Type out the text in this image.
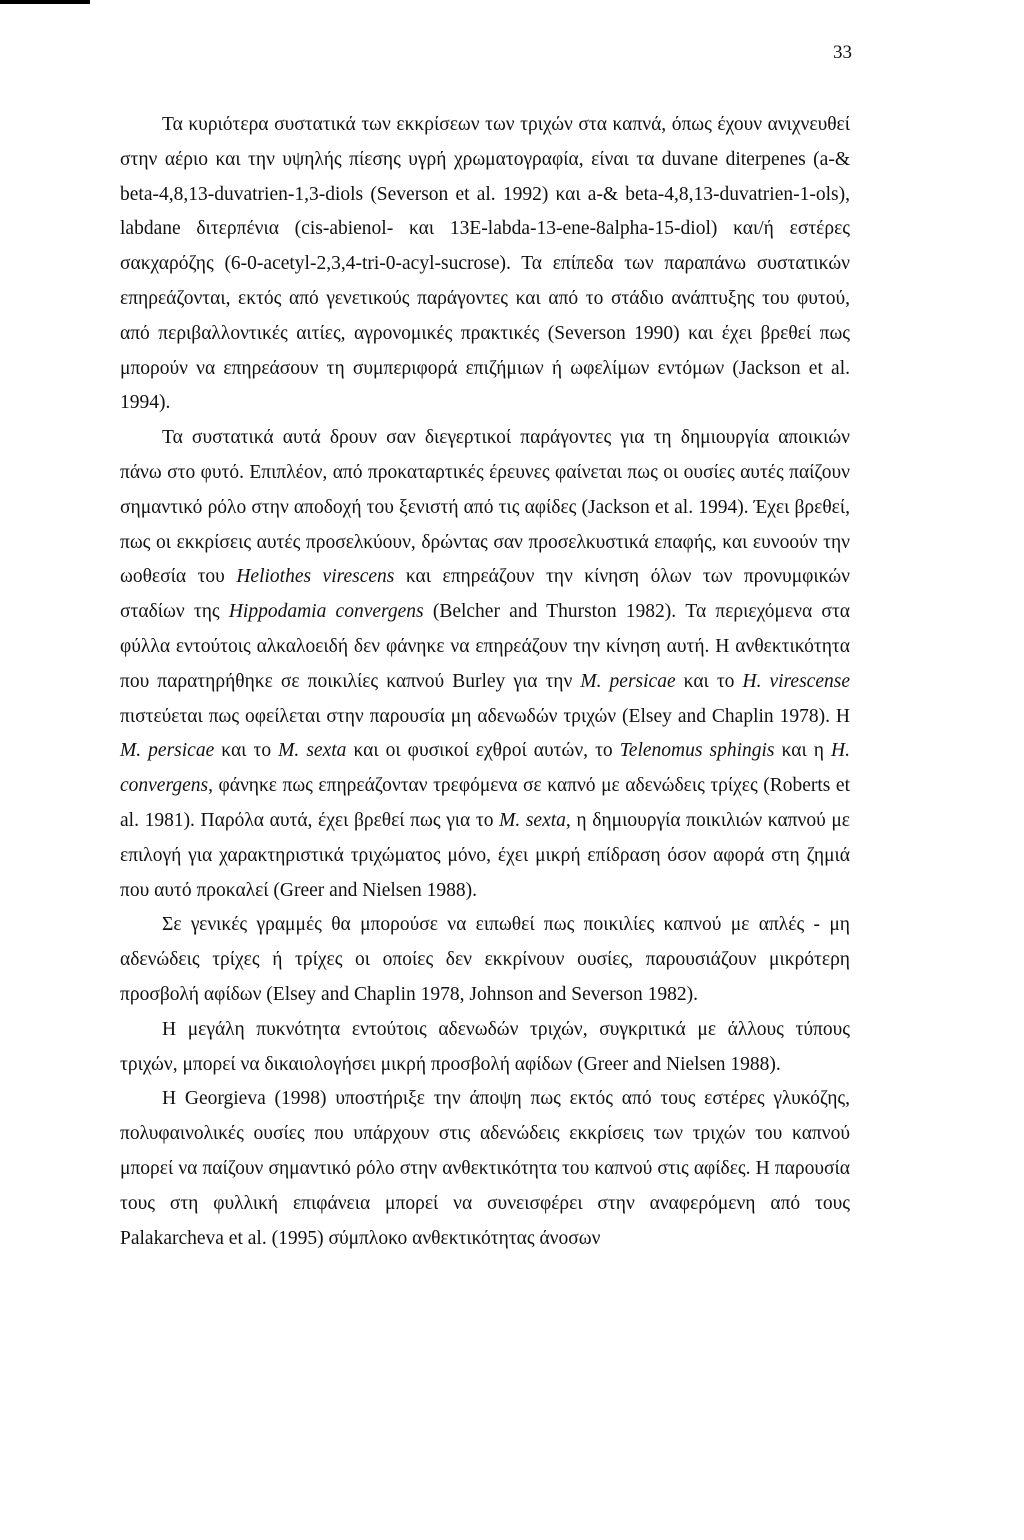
33

Τα κυριότερα συστατικά των εκκρίσεων των τριχών στα καπνά, όπως έχουν ανιχνευθεί στην αέριο και την υψηλής πίεσης υγρή χρωματογραφία, είναι τα duvane diterpenes (a-& beta-4,8,13-duvatrien-1,3-diols (Severson et al. 1992) και a-& beta-4,8,13-duvatrien-1-ols), labdane διτερπένια (cis-abienol- και 13E-labda-13-ene-8alpha-15-diol) και/ή εστέρες σακχαρόζης (6-0-acetyl-2,3,4-tri-0-acyl-sucrose). Τα επίπεδα των παραπάνω συστατικών επηρεάζονται, εκτός από γενετικούς παράγοντες και από το στάδιο ανάπτυξης του φυτού, από περιβαλλοντικές αιτίες, αγρονομικές πρακτικές (Severson 1990) και έχει βρεθεί πως μπορούν να επηρεάσουν τη συμπεριφορά επιζήμιων ή ωφελίμων εντόμων (Jackson et al. 1994).

Τα συστατικά αυτά δρουν σαν διεγερτικοί παράγοντες για τη δημιουργία αποικιών πάνω στο φυτό. Επιπλέον, από προκαταρτικές έρευνες φαίνεται πως οι ουσίες αυτές παίζουν σημαντικό ρόλο στην αποδοχή του ξενιστή από τις αφίδες (Jackson et al. 1994). Έχει βρεθεί, πως οι εκκρίσεις αυτές προσελκύουν, δρώντας σαν προσελκυστικά επαφής, και ευνοούν την ωοθεσία του Heliothes virescens και επηρεάζουν την κίνηση όλων των προνυμφικών σταδίων της Hippodamia convergens (Belcher and Thurston 1982). Τα περιεχόμενα στα φύλλα εντούτοις αλκαλοειδή δεν φάνηκε να επηρεάζουν την κίνηση αυτή. Η ανθεκτικότητα που παρατηρήθηκε σε ποικιλίες καπνού Burley για την M. persicae και το H. virescense πιστεύεται πως οφείλεται στην παρουσία μη αδενωδών τριχών (Elsey and Chaplin 1978). Η M. persicae και το M. sexta και οι φυσικοί εχθροί αυτών, το Telenomus sphingis και η H. convergens, φάνηκε πως επηρεάζονταν τρεφόμενα σε καπνό με αδενώδεις τρίχες (Roberts et al. 1981). Παρόλα αυτά, έχει βρεθεί πως για το M. sexta, η δημιουργία ποικιλιών καπνού με επιλογή για χαρακτηριστικά τριχώματος μόνο, έχει μικρή επίδραση όσον αφορά στη ζημιά που αυτό προκαλεί (Greer and Nielsen 1988).

Σε γενικές γραμμές θα μπορούσε να ειπωθεί πως ποικιλίες καπνού με απλές - μη αδενώδεις τρίχες ή τρίχες οι οποίες δεν εκκρίνουν ουσίες, παρουσιάζουν μικρότερη προσβολή αφίδων (Elsey and Chaplin 1978, Johnson and Severson 1982).

Η μεγάλη πυκνότητα εντούτοις αδενωδών τριχών, συγκριτικά με άλλους τύπους τριχών, μπορεί να δικαιολογήσει μικρή προσβολή αφίδων (Greer and Nielsen 1988).

Η Georgieva (1998) υποστήριξε την άποψη πως εκτός από τους εστέρες γλυκόζης, πολυφαινολικές ουσίες που υπάρχουν στις αδενώδεις εκκρίσεις των τριχών του καπνού μπορεί να παίζουν σημαντικό ρόλο στην ανθεκτικότητα του καπνού στις αφίδες. Η παρουσία τους στη φυλλική επιφάνεια μπορεί να συνεισφέρει στην αναφερόμενη από τους Palakarcheva et al. (1995) σύμπλοκο ανθεκτικότητας άνοσων
